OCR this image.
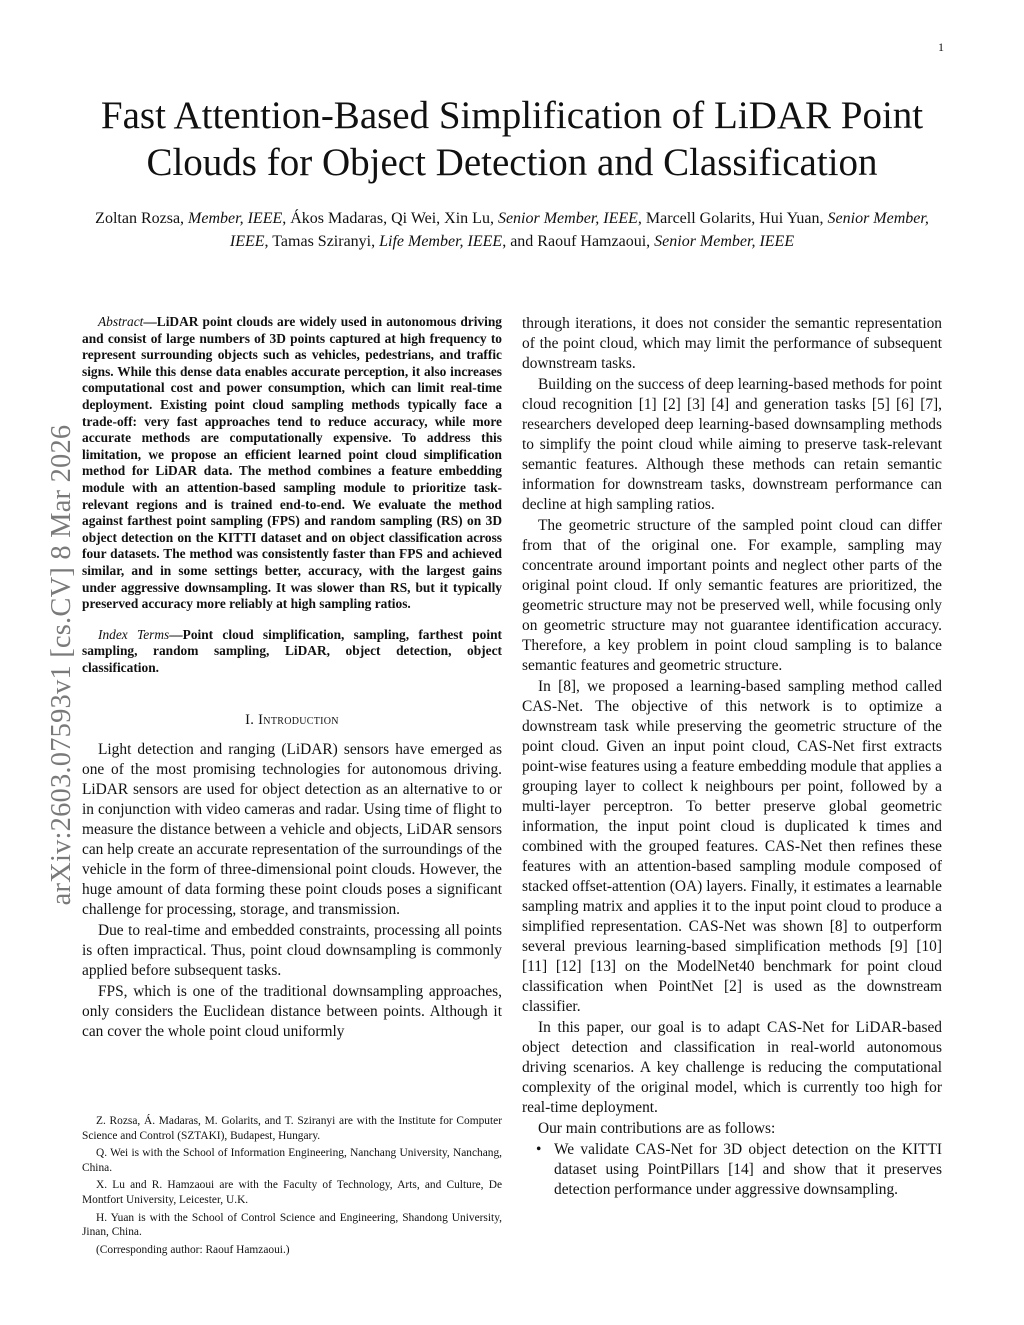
1
arXiv:2603.07593v1 [cs.CV] 8 Mar 2026
Fast Attention-Based Simplification of LiDAR Point
Clouds for Object Detection and Classification
Zoltan Rozsa, Member, IEEE, Ákos Madaras, Qi Wei, Xin Lu, Senior Member, IEEE, Marcell Golarits, Hui Yuan, Senior Member, IEEE, Tamas Sziranyi, Life Member, IEEE, and Raouf Hamzaoui, Senior Member, IEEE

Abstract—LiDAR point clouds are widely used in autonomous driving and consist of large numbers of 3D points captured at high frequency to represent surrounding objects such as vehicles, pedestrians, and traffic signs. While this dense data enables accurate perception, it also increases computational cost and power consumption, which can limit real-time deployment. Existing point cloud sampling methods typically face a trade-off: very fast approaches tend to reduce accuracy, while more accurate methods are computationally expensive. To address this limitation, we propose an efficient learned point cloud simplification method for LiDAR data. The method combines a feature embedding module with an attention-based sampling module to prioritize task-relevant regions and is trained end-to-end. We evaluate the method against farthest point sampling (FPS) and random sampling (RS) on 3D object detection on the KITTI dataset and on object classification across four datasets. The method was consistently faster than FPS and achieved similar, and in some settings better, accuracy, with the largest gains under aggressive downsampling. It was slower than RS, but it typically preserved accuracy more reliably at high sampling ratios.

Index Terms—Point cloud simplification, sampling, farthest point sampling, random sampling, LiDAR, object detection, object classification.

I. Introduction

Light detection and ranging (LiDAR) sensors have emerged as one of the most promising technologies for autonomous driving. LiDAR sensors are used for object detection as an alternative to or in conjunction with video cameras and radar. Using time of flight to measure the distance between a vehicle and objects, LiDAR sensors can help create an accurate representation of the surroundings of the vehicle in the form of three-dimensional point clouds. However, the huge amount of data forming these point clouds poses a significant challenge for processing, storage, and transmission.

Due to real-time and embedded constraints, processing all points is often impractical. Thus, point cloud downsampling is commonly applied before subsequent tasks.

FPS, which is one of the traditional downsampling approaches, only considers the Euclidean distance between points. Although it can cover the whole point cloud uniformly

Z. Rozsa, Á. Madaras, M. Golarits, and T. Sziranyi are with the Institute for Computer Science and Control (SZTAKI), Budapest, Hungary.

Q. Wei is with the School of Information Engineering, Nanchang University, Nanchang, China.

X. Lu and R. Hamzaoui are with the Faculty of Technology, Arts, and Culture, De Montfort University, Leicester, U.K.

H. Yuan is with the School of Control Science and Engineering, Shandong University, Jinan, China.

(Corresponding author: Raouf Hamzaoui.)

through iterations, it does not consider the semantic representation of the point cloud, which may limit the performance of subsequent downstream tasks.

Building on the success of deep learning-based methods for point cloud recognition [1] [2] [3] [4] and generation tasks [5] [6] [7], researchers developed deep learning-based downsampling methods to simplify the point cloud while aiming to preserve task-relevant semantic features. Although these methods can retain semantic information for downstream tasks, downstream performance can decline at high sampling ratios.

The geometric structure of the sampled point cloud can differ from that of the original one. For example, sampling may concentrate around important points and neglect other parts of the original point cloud. If only semantic features are prioritized, the geometric structure may not be preserved well, while focusing only on geometric structure may not guarantee identification accuracy. Therefore, a key problem in point cloud sampling is to balance semantic features and geometric structure.

In [8], we proposed a learning-based sampling method called CAS-Net. The objective of this network is to optimize a downstream task while preserving the geometric structure of the point cloud. Given an input point cloud, CAS-Net first extracts point-wise features using a feature embedding module that applies a grouping layer to collect k neighbours per point, followed by a multi-layer perceptron. To better preserve global geometric information, the input point cloud is duplicated k times and combined with the grouped features. CAS-Net then refines these features with an attention-based sampling module composed of stacked offset-attention (OA) layers. Finally, it estimates a learnable sampling matrix and applies it to the input point cloud to produce a simplified representation. CAS-Net was shown [8] to outperform several previous learning-based simplification methods [9] [10] [11] [12] [13] on the ModelNet40 benchmark for point cloud classification when PointNet [2] is used as the downstream classifier.

In this paper, our goal is to adapt CAS-Net for LiDAR-based object detection and classification in real-world autonomous driving scenarios. A key challenge is reducing the computational complexity of the original model, which is currently too high for real-time deployment.

Our main contributions are as follows:

• We validate CAS-Net for 3D object detection on the KITTI dataset using PointPillars [14] and show that it preserves detection performance under aggressive downsampling.
